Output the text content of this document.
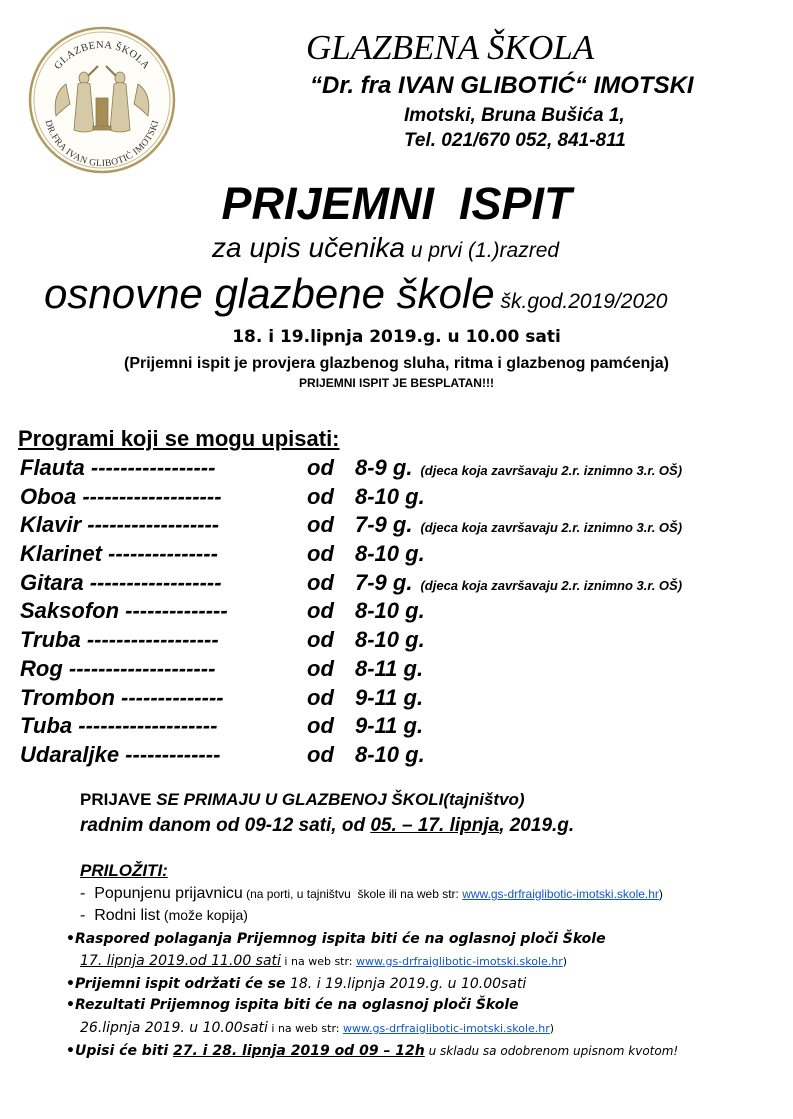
GLAZBENA ŠKOLA
DR.FRA IVAN GLIBOTIĆ IMOTSKI
GLAZBENA ŠKOLA
“Dr. fra IVAN GLIBOTIĆ“ IMOTSKI
Imotski, Bruna Bušića 1,
Tel. 021/670 052, 841-811
PRIJEMNI  ISPIT
za upis učenika u prvi (1.)razred
osnovne glazbene škole šk.god.2019/2020
18. i 19.lipnja 2019.g. u 10.00 sati
(Prijemni ispit je provjera glazbenog sluha, ritma i glazbenog pamćenja)
PRIJEMNI ISPIT JE BESPLATAN!!!
Programi koji se mogu upisati:
Flauta -----------------	od 8-9 g. (djeca koja završavaju 2.r. iznimno 3.r. OŠ)
Oboa -------------------	od 8-10 g.
Klavir ------------------	od 7-9 g. (djeca koja završavaju 2.r. iznimno 3.r. OŠ)
Klarinet ---------------	od 8-10 g.
Gitara ------------------	od 7-9 g. (djeca koja završavaju 2.r. iznimno 3.r. OŠ)
Saksofon --------------	od 8-10 g.
Truba ------------------	od 8-10 g.
Rog --------------------	od 8-11 g.
Trombon --------------	od 9-11 g.
Tuba -------------------	od 9-11 g.
Udaraljke -------------	od 8-10 g.
PRIJAVE SE PRIMAJU U GLAZBENOJ ŠKOLI(tajništvo)
radnim danom od 09-12 sati, od 05. – 17. lipnja, 2019.g.
PRILOŽITI:
-  Popunjenu prijavnicu (na porti, u tajništvu  škole ili na web str: www.gs-drfraiglibotic-imotski.skole.hr)
-  Rodni list (može kopija)
•Raspored polaganja Prijemnog ispita biti će na oglasnoj ploči Škole
17. lipnja 2019.od 11.00 sati i na web str: www.gs-drfraiglibotic-imotski.skole.hr)
•Prijemni ispit održati će se 18. i 19.lipnja 2019.g. u 10.00sati
•Rezultati Prijemnog ispita biti će na oglasnoj ploči Škole
26.lipnja 2019. u 10.00sati i na web str: www.gs-drfraiglibotic-imotski.skole.hr)
•Upisi će biti 27. i 28. lipnja 2019 od 09 – 12h u skladu sa odobrenom upisnom kvotom!
